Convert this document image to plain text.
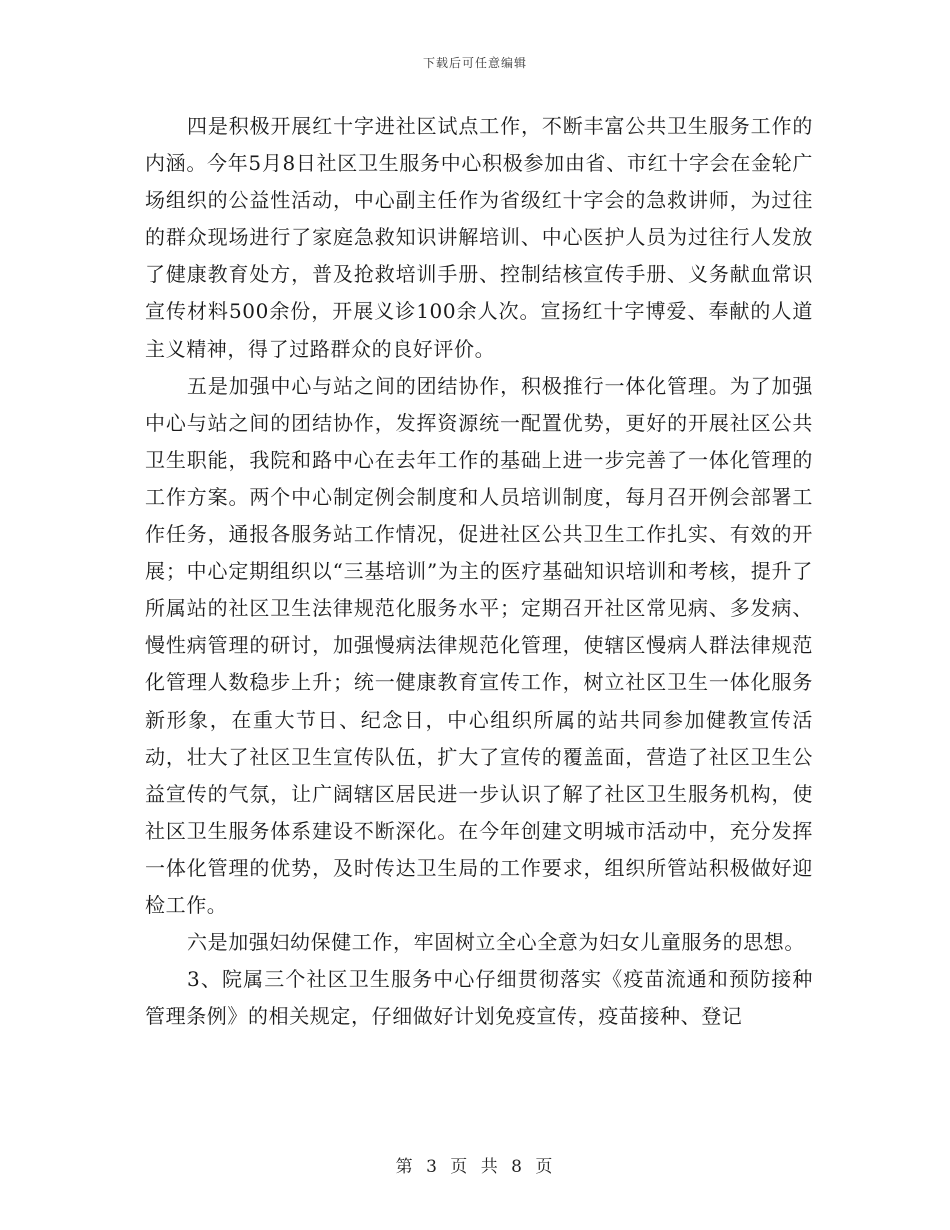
下载后可任意编辑

四是积极开展红十字进社区试点工作，不断丰富公共卫生服务工作的内涵。今年5月8日社区卫生服务中心积极参加由省、市红十字会在金轮广场组织的公益性活动，中心副主任作为省级红十字会的急救讲师，为过往的群众现场进行了家庭急救知识讲解培训、中心医护人员为过往行人发放了健康教育处方，普及抢救培训手册、控制结核宣传手册、义务献血常识宣传材料500余份，开展义诊100余人次。宣扬红十字博爱、奉献的人道主义精神，得了过路群众的良好评价。

五是加强中心与站之间的团结协作，积极推行一体化管理。为了加强中心与站之间的团结协作，发挥资源统一配置优势，更好的开展社区公共卫生职能，我院和路中心在去年工作的基础上进一步完善了一体化管理的工作方案。两个中心制定例会制度和人员培训制度，每月召开例会部署工作任务，通报各服务站工作情况，促进社区公共卫生工作扎实、有效的开展；中心定期组织以“三基培训”为主的医疗基础知识培训和考核，提升了所属站的社区卫生法律规范化服务水平；定期召开社区常见病、多发病、慢性病管理的研讨，加强慢病法律规范化管理，使辖区慢病人群法律规范化管理人数稳步上升；统一健康教育宣传工作，树立社区卫生一体化服务新形象，在重大节日、纪念日，中心组织所属的站共同参加健教宣传活动，壮大了社区卫生宣传队伍，扩大了宣传的覆盖面，营造了社区卫生公益宣传的气氛，让广阔辖区居民进一步认识了解了社区卫生服务机构，使社区卫生服务体系建设不断深化。在今年创建文明城市活动中，充分发挥一体化管理的优势，及时传达卫生局的工作要求，组织所管站积极做好迎检工作。

六是加强妇幼保健工作，牢固树立全心全意为妇女儿童服务的思想。

3、院属三个社区卫生服务中心仔细贯彻落实《疫苗流通和预防接种管理条例》的相关规定，仔细做好计划免疫宣传，疫苗接种、登记

第 3 页 共 8 页
